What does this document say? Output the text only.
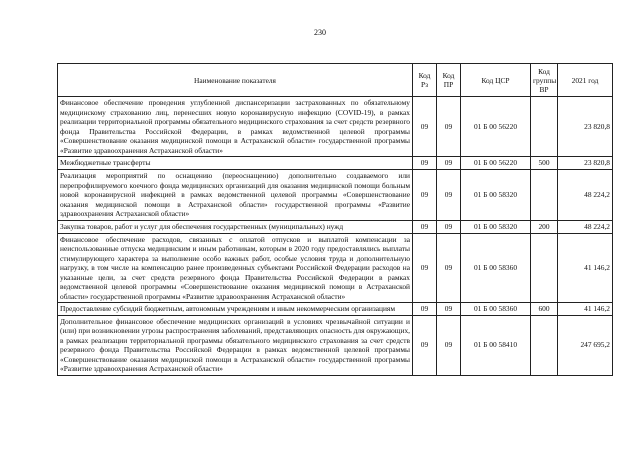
230
Наименование показателя	Код Рз	Код ПР	Код ЦСР	Код группы ВР	2021 год
Финансовое обеспечение проведения углубленной диспансеризации застрахованных по обязательному медицинскому страхованию лиц, перенесших новую коронавирусную инфекцию (COVID-19), в рамках реализации территориальной программы обязательного медицинского страхования за счет средств резервного фонда Правительства Российской Федерации, в рамках ведомственной целевой программы «Совершенствование оказания медицинской помощи в Астраханской области» государственной программы «Развитие здравоохранения Астраханской области»	09	09	01 Б 00 56220		23 820,8
Межбюджетные трансферты	09	09	01 Б 00 56220	500	23 820,8
Реализация мероприятий по оснащению (переоснащению) дополнительно создаваемого или перепрофилируемого коечного фонда медицинских организаций для оказания медицинской помощи больным новой коронавирусной инфекцией в рамках ведомственной целевой программы «Совершенствование оказания медицинской помощи в Астраханской области» государственной программы «Развитие здравоохранения Астраханской области»	09	09	01 Б 00 58320		48 224,2
Закупка товаров, работ и услуг для обеспечения государственных (муниципальных) нужд	09	09	01 Б 00 58320	200	48 224,2
Финансовое обеспечение расходов, связанных с оплатой отпусков и выплатой компенсации за неиспользованные отпуска медицинским и иным работникам, которым в 2020 году предоставлялись выплаты стимулирующего характера за выполнение особо важных работ, особые условия труда и дополнительную нагрузку, в том числе на компенсацию ранее произведенных субъектами Российской Федерации расходов на указанные цели, за счет средств резервного фонда Правительства Российской Федерации в рамках ведомственной целевой программы «Совершенствование оказания медицинской помощи в Астраханской области» государственной программы «Развитие здравоохранения Астраханской области»	09	09	01 Б 00 58360		41 146,2
Предоставление субсидий бюджетным, автономным учреждениям и иным некоммерческим организациям	09	09	01 Б 00 58360	600	41 146,2
Дополнительное финансовое обеспечение медицинских организаций в условиях чрезвычайной ситуации и (или) при возникновении угрозы распространения заболеваний, представляющих опасность для окружающих, в рамках реализации территориальной программы обязательного медицинского страхования за счет средств резервного фонда Правительства Российской Федерации в рамках ведомственной целевой программы «Совершенствование оказания медицинской помощи в Астраханской области» государственной программы «Развитие здравоохранения Астраханской области»	09	09	01 Б 00 58410		247 695,2
